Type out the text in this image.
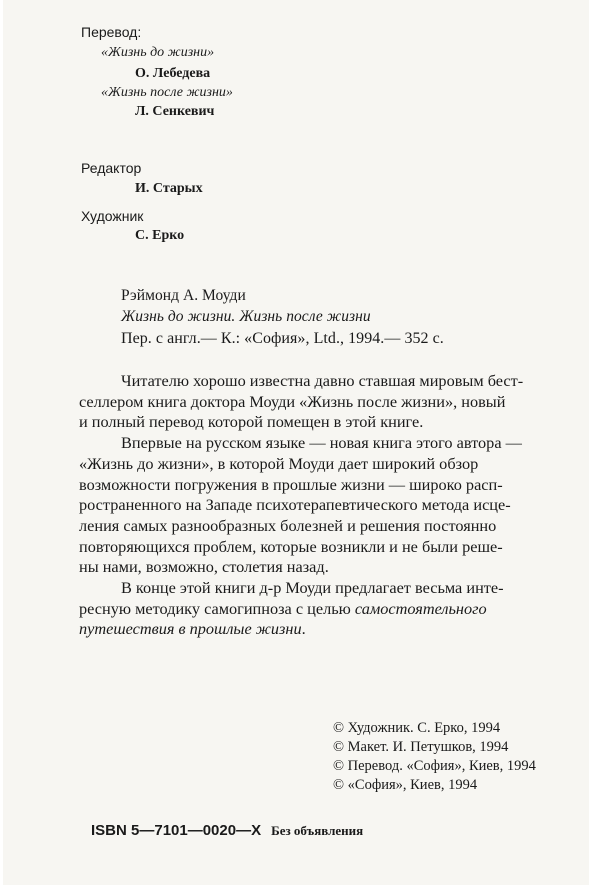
Перевод:
«Жизнь до жизни»
О. Лебедева
«Жизнь после жизни»
Л. Сенкевич
Редактор
И. Старых
Художник
С. Ерко
Рэймонд А. Моуди
Жизнь до жизни. Жизнь после жизни
Пер. с англ.— К.: «София», Ltd., 1994.— 352 с.
Читателю хорошо известна давно ставшая мировым бест-
селлером книга доктора Моуди «Жизнь после жизни», новый
и полный перевод которой помещен в этой книге.
Впервые на русском языке — новая книга этого автора —
«Жизнь до жизни», в которой Моуди дает широкий обзор
возможности погружения в прошлые жизни — широко расп-
ространенного на Западе психотерапевтического метода исце-
ления самых разнообразных болезней и решения постоянно
повторяющихся проблем, которые возникли и не были реше-
ны нами, возможно, столетия назад.
В конце этой книги д-р Моуди предлагает весьма инте-
ресную методику самогипноза с целью самостоятельного
путешествия в прошлые жизни.
© Художник. С. Ерко, 1994
© Макет. И. Петушков, 1994
© Перевод. «София», Киев, 1994
© «София», Киев, 1994
ISBN 5—7101—0020—X Без объявления
